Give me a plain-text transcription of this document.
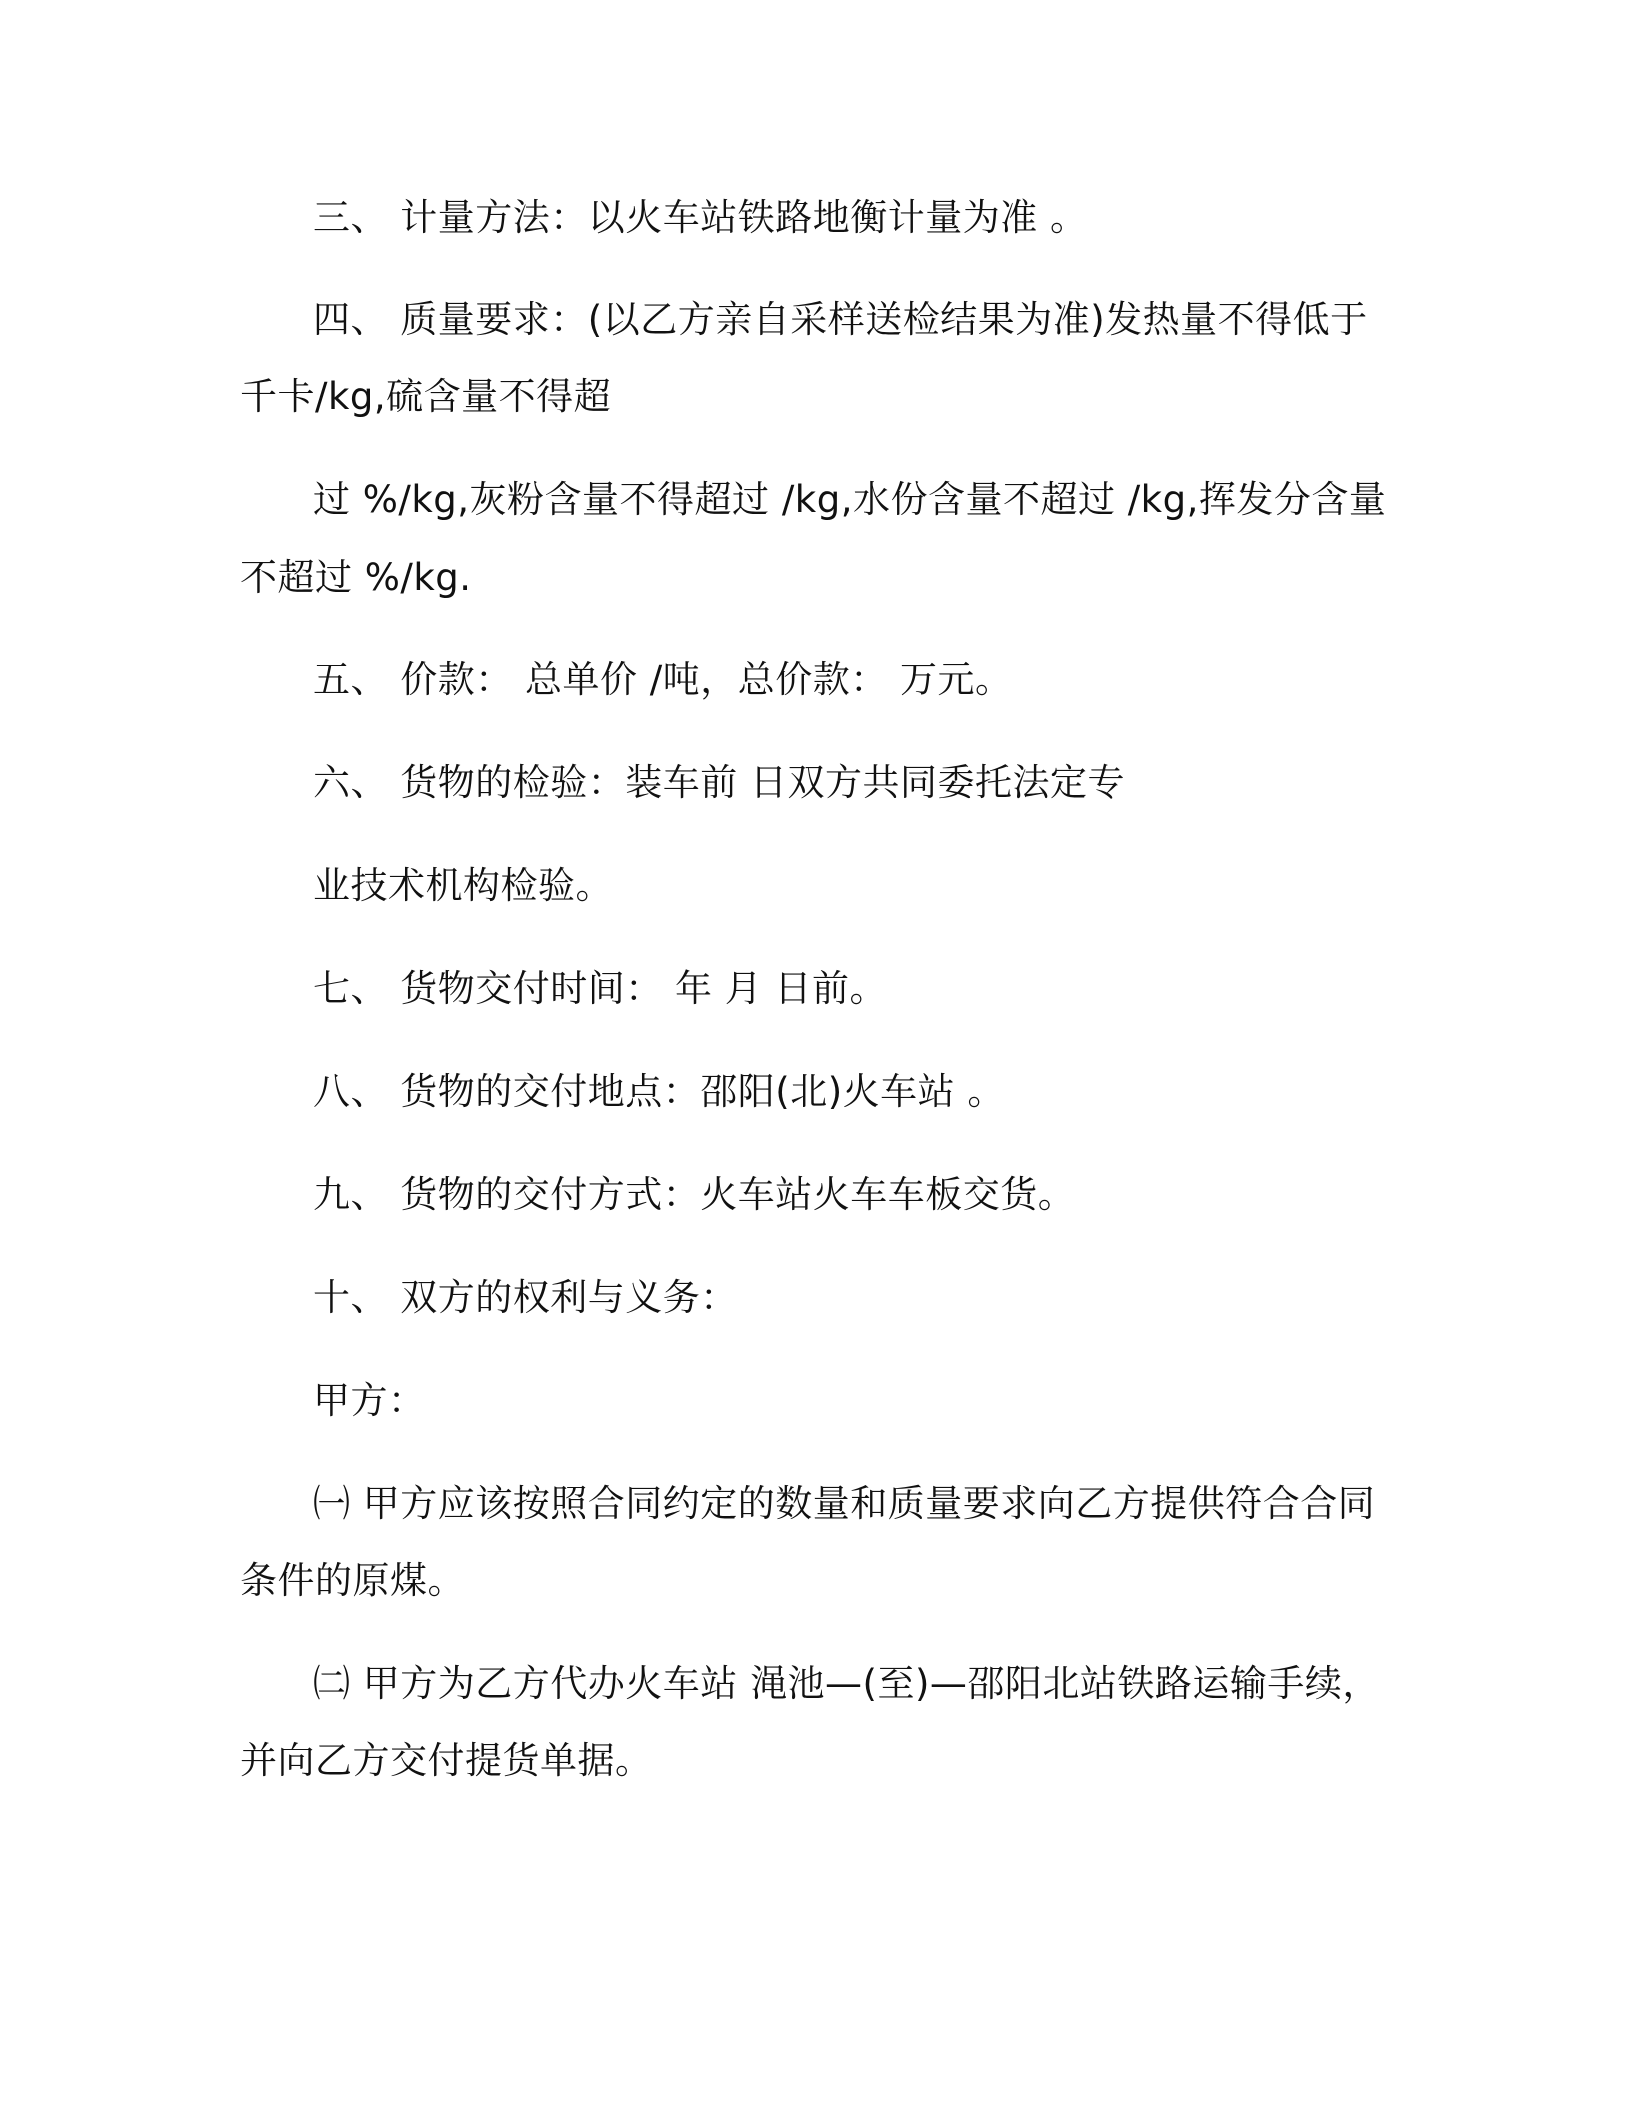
三、 计量方法：以火车站铁路地衡计量为准 。
四、 质量要求：(以乙方亲自采样送检结果为准)发热量不得低于
千卡/kg,硫含量不得超
过 %/kg,灰粉含量不得超过 /kg,水份含量不超过 /kg,挥发分含量
不超过 %/kg.
五、 价款： 总单价 /吨，总价款： 万元。
六、 货物的检验：装车前 日双方共同委托法定专
业技术机构检验。
七、 货物交付时间： 年 月 日前。
八、 货物的交付地点：邵阳(北)火车站 。
九、 货物的交付方式：火车站火车车板交货。
十、 双方的权利与义务：
甲方：
㈠ 甲方应该按照合同约定的数量和质量要求向乙方提供符合合同
条件的原煤。
㈡ 甲方为乙方代办火车站 渑池—(至)—邵阳北站铁路运输手续，
并向乙方交付提货单据。
